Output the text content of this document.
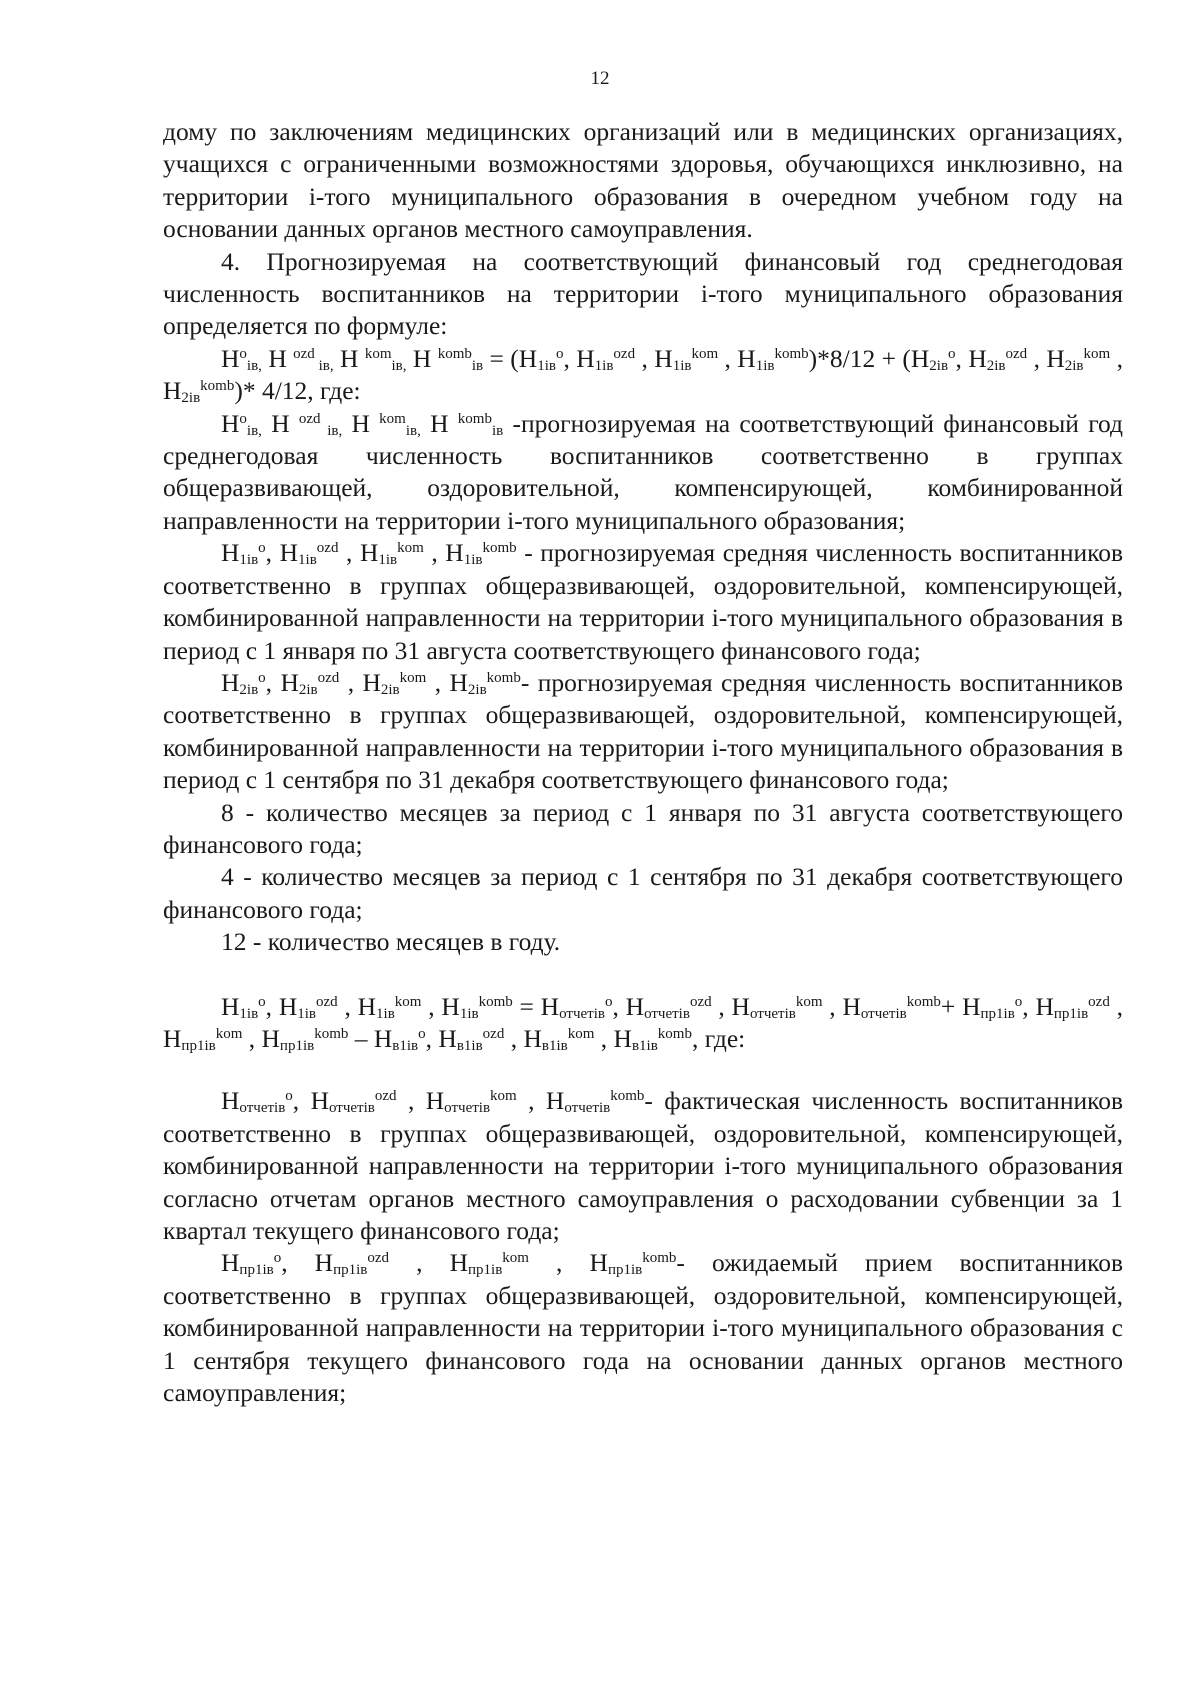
12

дому по заключениям медицинских организаций или в медицинских организациях, учащихся с ограниченными возможностями здоровья, обучающихся инклюзивно, на территории i-того муниципального образования в очередном учебном году на основании данных органов местного самоуправления.

4. Прогнозируемая на соответствующий финансовый год среднегодовая численность воспитанников на территории i-того муниципального образования определяется по формуле:

$Н^о_{iв,}$ Н $^{ozd}$ $_{iв,}$ Н $^{kom}_{iв,}$ Н $^{komb}_{iв} = (Н_{1iв}^о$, $Н_{1iв}^{ozd}$ , $Н_{1iв}^{kom}$ , $Н_{1iв}^{komb})*8/12 + (Н_{2iв}^о$, $Н_{2iв}^{ozd}$ , $Н_{2iв}^{kom}$ , $Н_{2iв}^{komb})*$ 4/12, где:

$Н^о_{iв,}$ Н $^{ozd}$ $_{iв,}$ Н $^{kom}_{iв,}$ Н $^{komb}_{iв}$ -прогнозируемая на соответствующий финансовый год среднегодовая численность воспитанников соответственно в группах общеразвивающей, оздоровительной, компенсирующей, комбинированной направленности на территории i-того муниципального образования;

$Н_{1iв}^о$, $Н_{1iв}^{ozd}$ , $Н_{1iв}^{kom}$ , $Н_{1iв}^{komb}$ - прогнозируемая средняя численность воспитанников соответственно в группах общеразвивающей, оздоровительной, компенсирующей, комбинированной направленности на территории i-того муниципального образования в период с 1 января по 31 августа соответствующего финансового года;

$Н_{2iв}^о$, $Н_{2iв}^{ozd}$ , $Н_{2iв}^{kom}$ , $Н_{2iв}^{komb}-$ прогнозируемая средняя численность воспитанников соответственно в группах общеразвивающей, оздоровительной, компенсирующей, комбинированной направленности на территории i-того муниципального образования в период с 1 сентября по 31 декабря соответствующего финансового года;

8 - количество месяцев за период с 1 января по 31 августа соответствующего финансового года;

4 - количество месяцев за период с 1 сентября по 31 декабря соответствующего финансового года;

12 - количество месяцев в году.

$Н_{1iв}^о$, $Н_{1iв}^{ozd}$ , $Н_{1iв}^{kom}$ , $Н_{1iв}^{komb} = Н_{отчетiв}^о$, $Н_{отчетiв}^{ozd}$ , $Н_{отчетiв}^{kom}$ , $Н_{отчетiв}^{komb}+ Н_{пр1iв}^о$, $Н_{пр1iв}^{ozd}$ , $Н_{пр1iв}^{kom}$ , $Н_{пр1iв}^{komb} - Н_{в1iв}^о$, $Н_{в1iв}^{ozd}$ , $Н_{в1iв}^{kom}$ , $Н_{в1iв}^{komb}$, где:

$Н_{отчетiв}^о$, $Н_{отчетiв}^{ozd}$ , $Н_{отчетiв}^{kom}$ , $Н_{отчетiв}^{komb}-$ фактическая численность воспитанников соответственно в группах общеразвивающей, оздоровительной, компенсирующей, комбинированной направленности на территории i-того муниципального образования согласно отчетам органов местного самоуправления о расходовании субвенции за 1 квартал текущего финансового года;

$Н_{пр1iв}^о$, $Н_{пр1iв}^{ozd}$ , $Н_{пр1iв}^{kom}$ , $Н_{пр1iв}^{komb}-$ ожидаемый прием воспитанников соответственно в группах общеразвивающей, оздоровительной, компенсирующей, комбинированной направленности на территории i-того муниципального образования с 1 сентября текущего финансового года на основании данных органов местного самоуправления;
